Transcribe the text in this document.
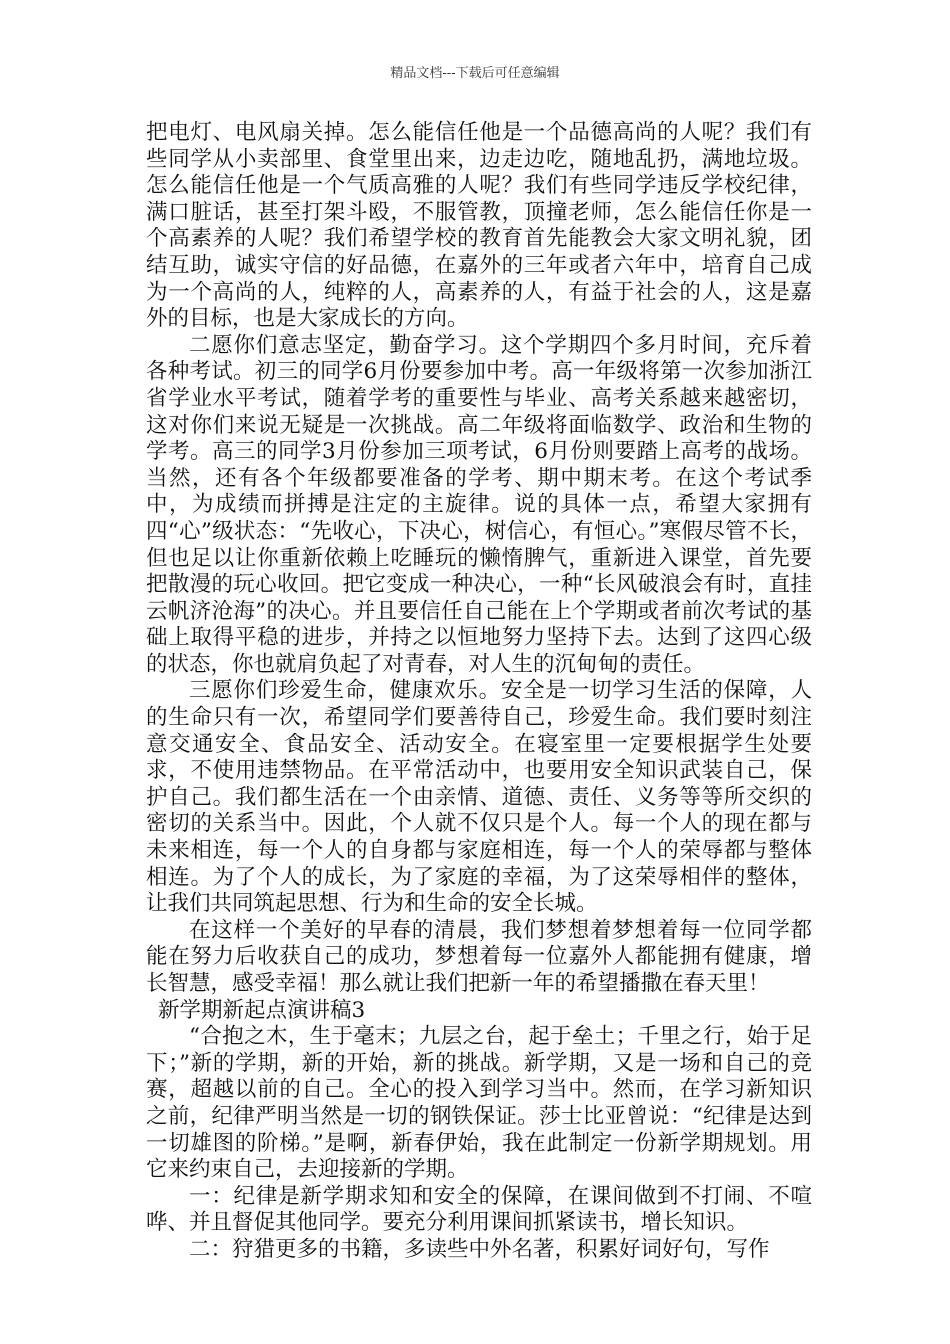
精品文档---下载后可任意编辑

把电灯、电风扇关掉。怎么能信任他是一个品德高尚的人呢？我们有些同学从小卖部里、食堂里出来，边走边吃，随地乱扔，满地垃圾。怎么能信任他是一个气质高雅的人呢？我们有些同学违反学校纪律，满口脏话，甚至打架斗殴，不服管教，顶撞老师，怎么能信任你是一个高素养的人呢？我们希望学校的教育首先能教会大家文明礼貌，团结互助，诚实守信的好品德，在嘉外的三年或者六年中，培育自己成为一个高尚的人，纯粹的人，高素养的人，有益于社会的人，这是嘉外的目标，也是大家成长的方向。

二愿你们意志坚定，勤奋学习。这个学期四个多月时间，充斥着各种考试。初三的同学6月份要参加中考。高一年级将第一次参加浙江省学业水平考试，随着学考的重要性与毕业、高考关系越来越密切，这对你们来说无疑是一次挑战。高二年级将面临数学、政治和生物的学考。高三的同学3月份参加三项考试，6月份则要踏上高考的战场。当然，还有各个年级都要准备的学考、期中期末考。在这个考试季中，为成绩而拼搏是注定的主旋律。说的具体一点，希望大家拥有四“心”级状态：“先收心，下决心，树信心，有恒心。”寒假尽管不长，但也足以让你重新依赖上吃睡玩的懒惰脾气，重新进入课堂，首先要把散漫的玩心收回。把它变成一种决心，一种“长风破浪会有时，直挂云帆济沧海”的决心。并且要信任自己能在上个学期或者前次考试的基础上取得平稳的进步，并持之以恒地努力坚持下去。达到了这四心级的状态，你也就肩负起了对青春，对人生的沉甸甸的责任。

三愿你们珍爱生命，健康欢乐。安全是一切学习生活的保障，人的生命只有一次，希望同学们要善待自己，珍爱生命。我们要时刻注意交通安全、食品安全、活动安全。在寝室里一定要根据学生处要求，不使用违禁物品。在平常活动中，也要用安全知识武装自己，保护自己。我们都生活在一个由亲情、道德、责任、义务等等所交织的密切的关系当中。因此，个人就不仅只是个人。每一个人的现在都与未来相连，每一个人的自身都与家庭相连，每一个人的荣辱都与整体相连。为了个人的成长，为了家庭的幸福，为了这荣辱相伴的整体，让我们共同筑起思想、行为和生命的安全长城。

在这样一个美好的早春的清晨，我们梦想着梦想着每一位同学都能在努力后收获自己的成功，梦想着每一位嘉外人都能拥有健康，增长智慧，感受幸福！那么就让我们把新一年的希望播撒在春天里！

新学期新起点演讲稿3

“合抱之木，生于毫末；九层之台，起于垒土；千里之行，始于足下；”新的学期，新的开始，新的挑战。新学期，又是一场和自己的竞赛，超越以前的自己。全心的投入到学习当中。然而，在学习新知识之前，纪律严明当然是一切的钢铁保证。莎士比亚曾说：“纪律是达到一切雄图的阶梯。”是啊，新春伊始，我在此制定一份新学期规划。用它来约束自己，去迎接新的学期。

一：纪律是新学期求知和安全的保障，在课间做到不打闹、不喧哗、并且督促其他同学。要充分利用课间抓紧读书，增长知识。

二：狩猎更多的书籍，多读些中外名著，积累好词好句，写作
